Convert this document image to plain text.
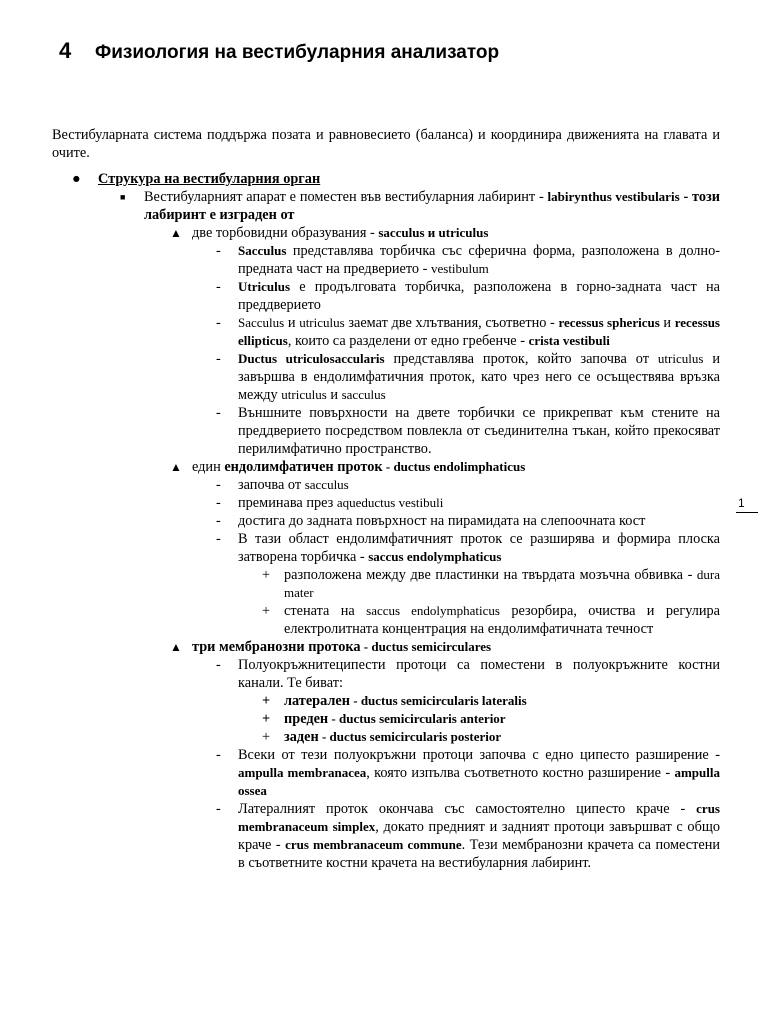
4 Физиология на вестибуларния анализатор
1

Вестибуларната система поддържа позата и равновесието (баланса) и координира движенията на главата и очите.

● Струкура на вестибуларния орган
■ Вестибуларният апарат е поместен във вестибуларния лабиринт - labirynthus vestibularis - този лабиринт е изграден от
▲ две торбовидни образувания - sacculus и utriculus
- Sacculus представлява торбичка със сферична форма, разположена в долно-предната част на предверието - vestibulum
- Utriculus е продълговата торбичка, разположена в горно-задната част на преддверието
- Sacculus и utriculus заемат две хлътвания, съответно - recessus sphericus и recessus ellipticus, които са разделени от едно гребенче - crista vestibuli
- Ductus utriculosaccularis представлява проток, който започва от utriculus и завършва в ендолимфатичния проток, като чрез него се осъществява връзка между utriculus и sacculus
- Външните повърхности на двете торбички се прикрепват към стените на преддверието посредством повлекла от съединителна тъкан, който прекосяват перилимфатично пространство.
▲ един ендолимфатичен проток - ductus endolimphaticus
- започва от sacculus
- преминава през aqueductus vestibuli
- достига до задната повърхност на пирамидата на слепоочната кост
- В тази област ендолимфатичният проток се разширява и формира плоска затворена торбичка - saccus endolymphaticus
+ разположена между две пластинки на твърдата мозъчна обвивка - dura mater
+ стената на saccus endolymphaticus резорбира, очиства и регулира електролитната концентрация на ендолимфатичната течност
▲ три мембранозни протока - ductus semicirculares
- Полуокръжнитеципести протоци са поместени в полуокръжните костни канали. Те биват:
+ латерален - ductus semicircularis lateralis
+ преден - ductus semicircularis anterior
+ заден - ductus semicircularis posterior
- Всеки от тези полуокръжни протоци започва с едно ципесто разширение - ampulla membranacea, която изпълва съответното костно разширение - ampulla ossea
- Латералният проток окончава със самостоятелно ципесто краче - crus membranaceum simplex, докато предният и задният протоци завършват с общо краче - crus membranaceum commune. Тези мембранозни крачета са поместени в съответните костни крачета на вестибуларния лабиринт.
